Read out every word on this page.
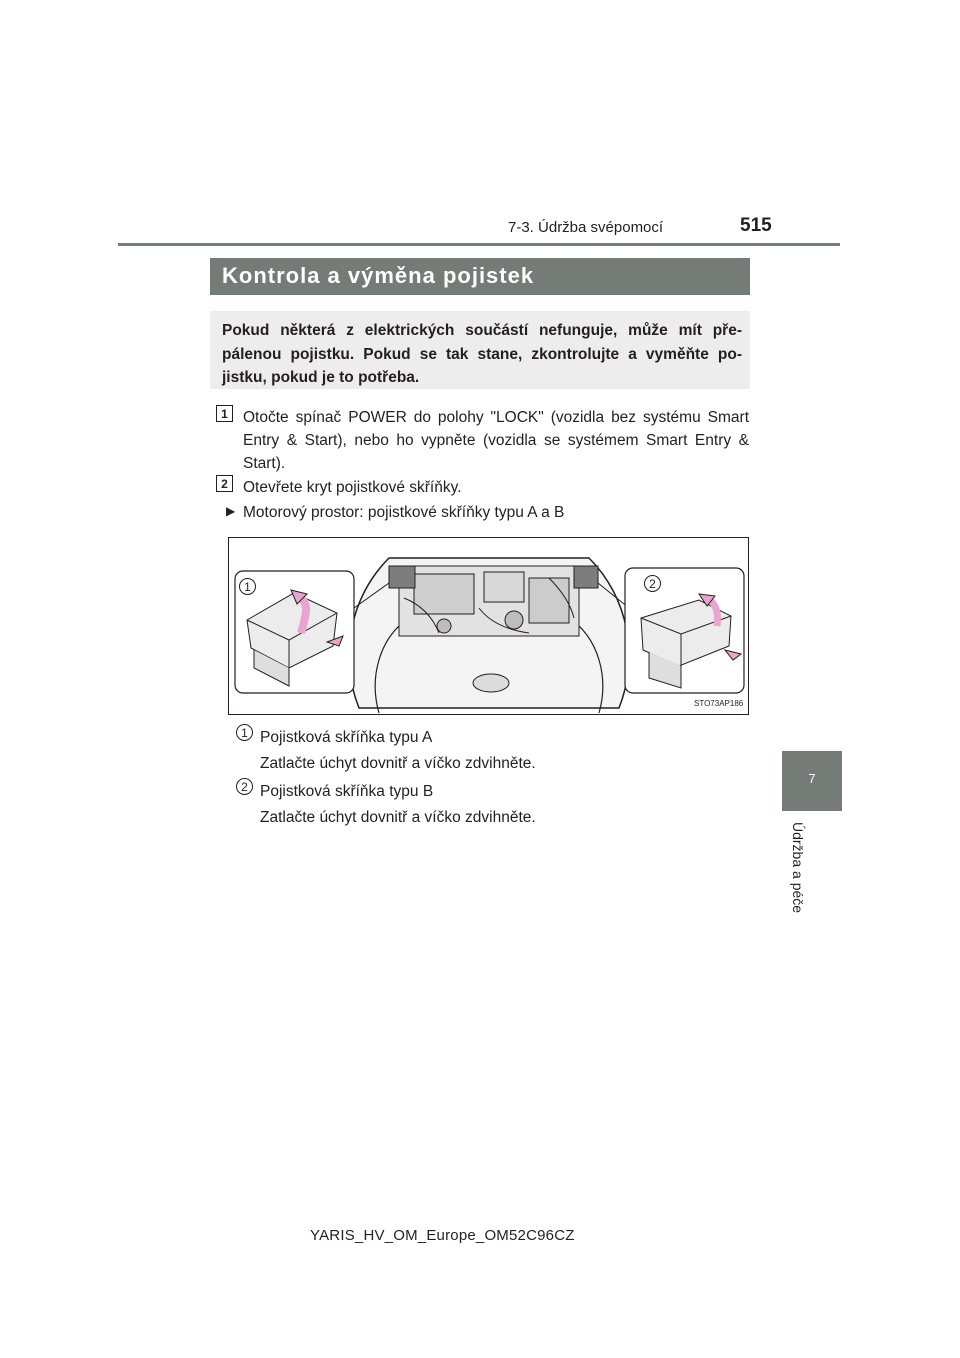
7-3. Údržba svépomocí	515
7
Údržba a péče
Kontrola a výměna pojistek
Pokud některá z elektrických součástí nefunguje, může mít pře-pálenou pojistku. Pokud se tak stane, zkontrolujte a vyměňte po-jistku, pokud je to potřeba.
1 Otočte spínač POWER do polohy "LOCK" (vozidla bez systému Smart Entry & Start), nebo ho vypněte (vozidla se systémem Smart Entry & Start).
2 Otevřete kryt pojistkové skříňky.
▶ Motorový prostor: pojistkové skříňky typu A a B
1	2
STO73AP186
1 Pojistková skříňka typu A
Zatlačte úchyt dovnitř a víčko zdvihněte.
2 Pojistková skříňka typu B
Zatlačte úchyt dovnitř a víčko zdvihněte.
YARIS_HV_OM_Europe_OM52C96CZ
